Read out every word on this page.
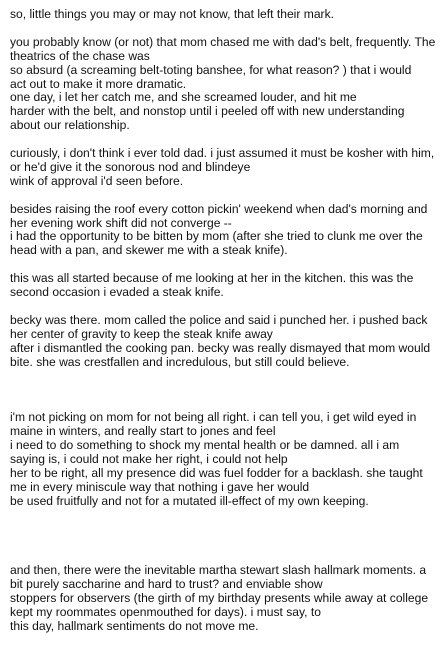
so, little things you may or may not know, that left their mark.
you probably know (or not) that mom chased me with dad's belt, frequently. The
theatrics of the chase was
so absurd (a screaming belt-toting banshee, for what reason? ) that i would
act out to make it more dramatic.
one day, i let her catch me, and she screamed louder, and hit me
harder with the belt, and nonstop until i peeled off with new understanding
about our relationship.
curiously, i don't think i ever told dad. i just assumed it must be kosher with him,
or he'd give it the sonorous nod and blindeye
wink of approval i'd seen before.
besides raising the roof every cotton pickin' weekend when dad's morning and
her evening work shift did not converge --
i had the opportunity to be bitten by mom (after she tried to clunk me over the
head with a pan, and skewer me with a steak knife).
this was all started because of me looking at her in the kitchen. this was the
second occasion i evaded a steak knife.
becky was there. mom called the police and said i punched her. i pushed back
her center of gravity to keep the steak knife away
after i dismantled the cooking pan. becky was really dismayed that mom would
bite. she was crestfallen and incredulous, but still could believe.
i'm not picking on mom for not being all right. i can tell you, i get wild eyed in
maine in winters, and really start to jones and feel
i need to do something to shock my mental health or be damned. all i am
saying is, i could not make her right, i could not help
her to be right, all my presence did was fuel fodder for a backlash. she taught
me in every miniscule way that nothing i gave her would
be used fruitfully and not for a mutated ill-effect of my own keeping.
and then, there were the inevitable martha stewart slash hallmark moments. a
bit purely saccharine and hard to trust? and enviable show
stoppers for observers (the girth of my birthday presents while away at college
kept my roommates openmouthed for days). i must say, to
this day, hallmark sentiments do not move me.
